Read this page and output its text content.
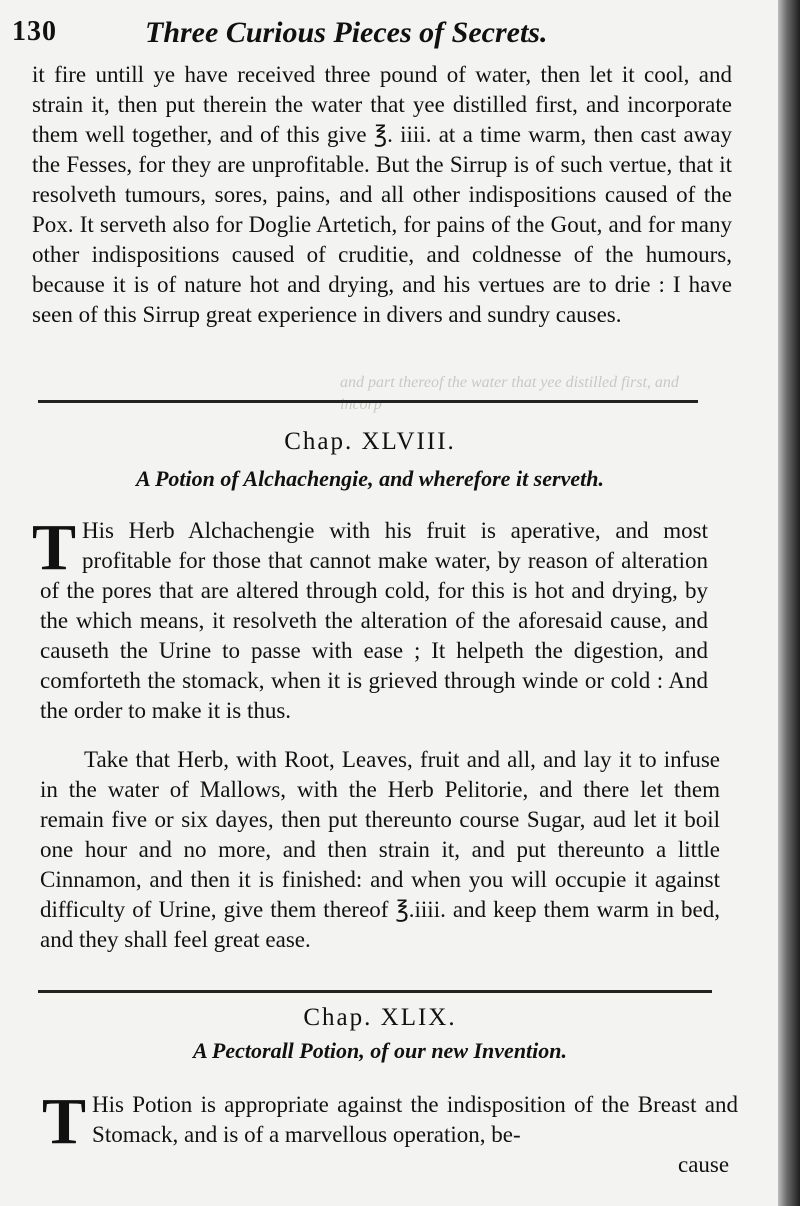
130	Three Curious Pieces of Secrets.

it fire untill ye have received three pound of water, then let it cool, and strain it, then put therein the water that yee distilled first, and incorporate them well together, and of this give ℥. iiii. at a time warm, then cast away the Fesses, for they are unprofitable. But the Sirrup is of such vertue, that it resolveth tumours, sores, pains, and all other indispositions caused of the Pox. It serveth also for Doglie Artetich, for pains of the Gout, and for many other indispositions caused of cruditie, and coldnesse of the humours, because it is of nature hot and drying, and his vertues are to drie : I have seen of this Sirrup great experience in divers and sundry causes.

and part thereof the water that yee distilled first, and incorp
Chap. XLVIII.
A Potion of Alchachengie, and wherefore it serveth.

T His Herb Alchachengie with his fruit is aperative, and most profitable for those that cannot make water, by reason of alteration of the pores that are altered through cold, for this is hot and drying, by the which means, it resolveth the alteration of the aforesaid cause, and causeth the Urine to passe with ease ; It helpeth the digestion, and comforteth the stomack, when it is grieved through winde or cold : And the order to make it is thus.

Take that Herb, with Root, Leaves, fruit and all, and lay it to infuse in the water of Mallows, with the Herb Pelitorie, and there let them remain five or six dayes, then put thereunto course Sugar, aud let it boil one hour and no more, and then strain it, and put thereunto a little Cinnamon, and then it is finished: and when you will occupie it against difficulty of Urine, give them thereof ℥.iiii. and keep them warm in bed, and they shall feel great ease.

Chap. XLIX.
A Pectorall Potion, of our new Invention.

T His Potion is appropriate against the indisposition of the Breast and Stomack, and is of a marvellous operation, be-

cause
